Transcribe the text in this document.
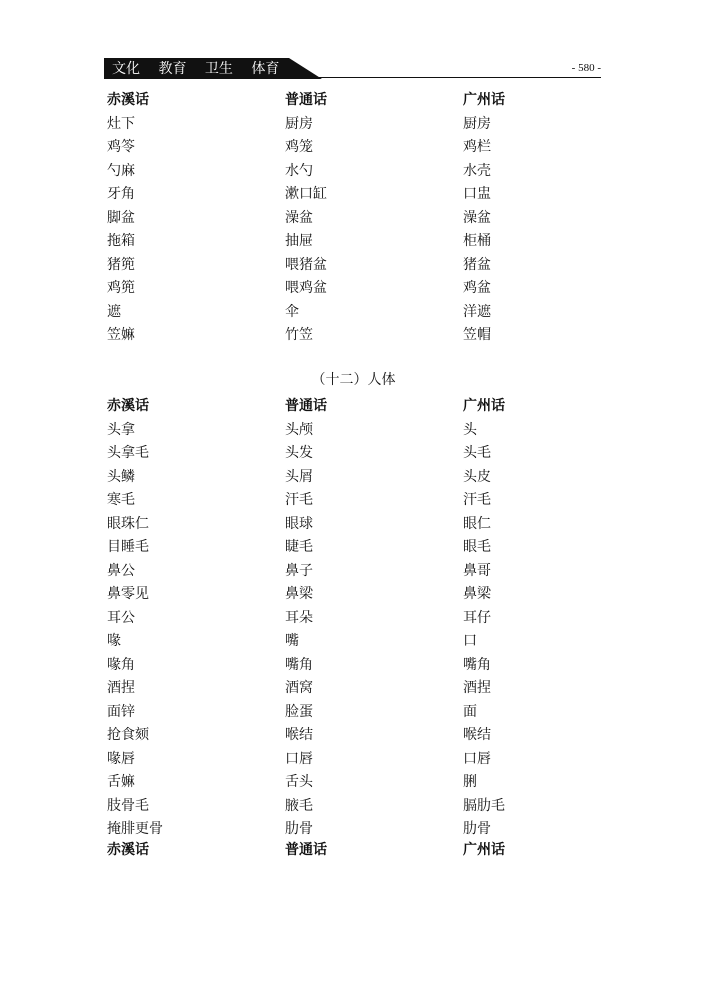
文化 教育 卫生 体育	- 580 -
赤溪话	普通话	广州话
灶下	厨房	厨房
鸡笭	鸡笼	鸡栏
勺麻	水勺	水壳
牙角	漱口缸	口盅
脚盆	澡盆	澡盆
拖箱	抽屉	柜桶
猪篼	喂猪盆	猪盆
鸡篼	喂鸡盆	鸡盆
遮	伞	洋遮
笠嫲	竹笠	笠帽
（十二）人体
赤溪话	普通话	广州话
头拿	头颅	头
头拿毛	头发	头毛
头鳞	头屑	头皮
寒毛	汗毛	汗毛
眼珠仁	眼球	眼仁
目睡毛	睫毛	眼毛
鼻公	鼻子	鼻哥
鼻零见	鼻梁	鼻梁
耳公	耳朵	耳仔
喙	嘴	口
喙角	嘴角	嘴角
酒捏	酒窝	酒捏
面锌	脸蛋	面
抢食颏	喉结	喉结
喙唇	口唇	口唇
舌嫲	舌头	脷
肢骨毛	腋毛	膈肋毛
掩腓更骨	肋骨	肋骨
赤溪话	普通话	广州话
